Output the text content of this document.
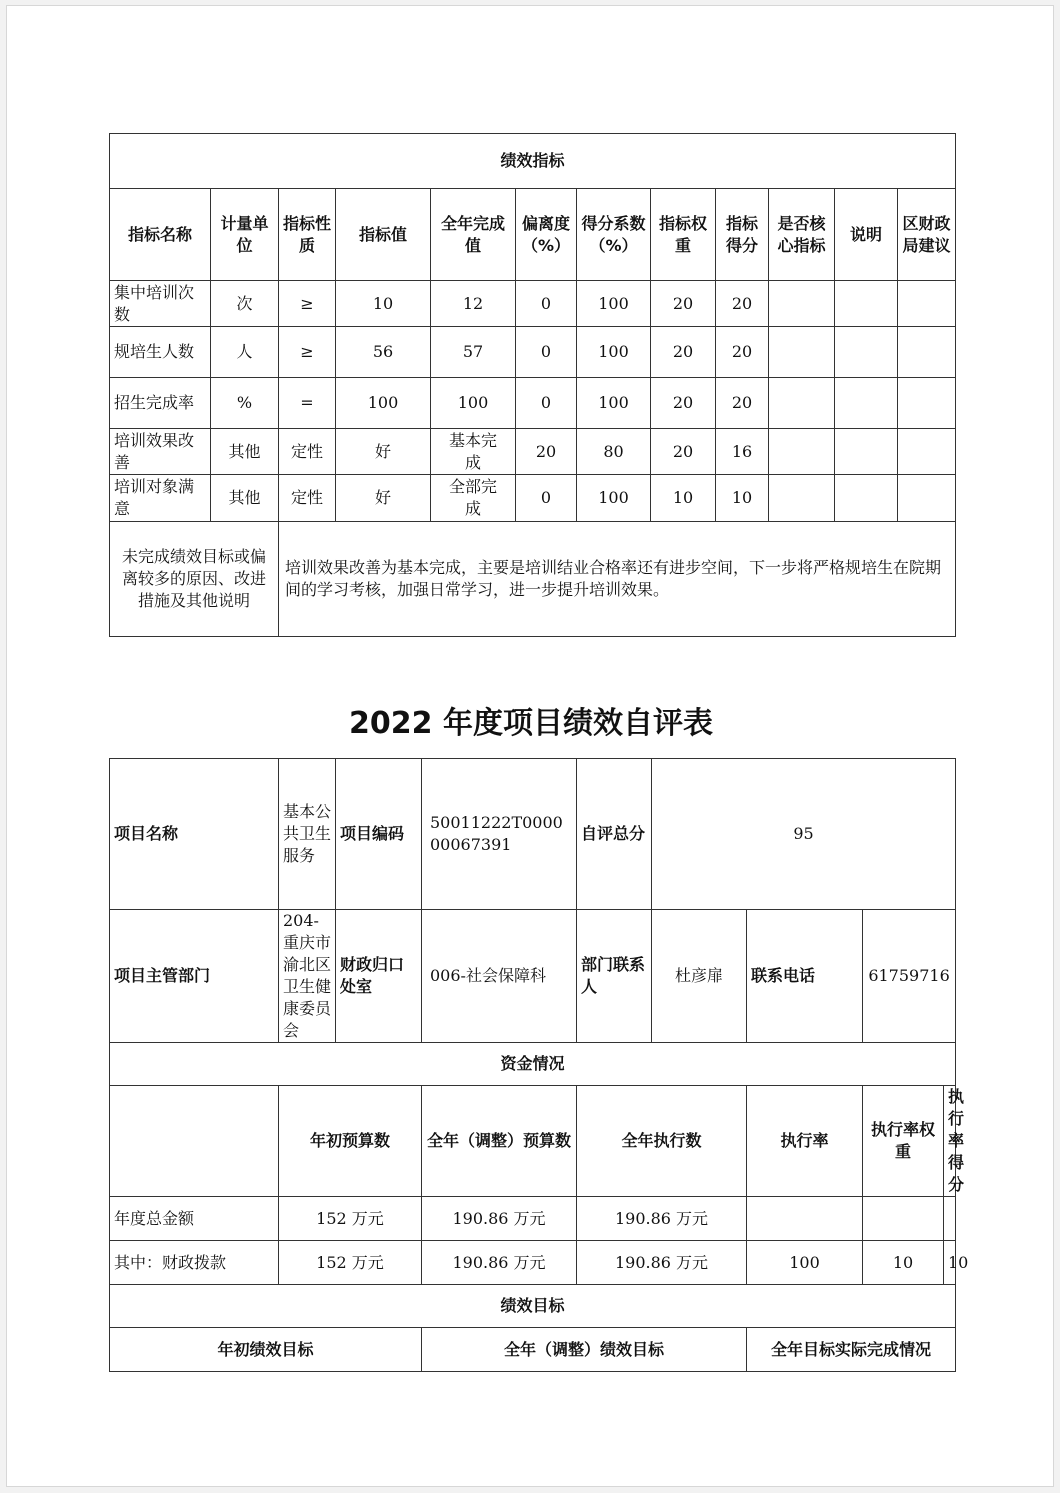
绩效指标											
指标名称	计量单位	指标性质	指标值	全年完成值	偏离度（%）	得分系数（%）	指标权重	指标得分	是否核心指标	说明	区财政局建议
集中培训次数	次	≥	10	12	0	100	20	20			
规培生人数	人	≥	56	57	0	100	20	20			
招生完成率	%	=	100	100	0	100	20	20			
培训效果改善	其他	定性	好	基本完成	20	80	20	16			
培训对象满意	其他	定性	好	全部完成	0	100	10	10			
未完成绩效目标或偏离较多的原因、改进措施及其他说明		培训效果改善为基本完成，主要是培训结业合格率还有进步空间，下一步将严格规培生在院期间的学习考核，加强日常学习，进一步提升培训效果。									
2022 年度项目绩效自评表
项目名称	基本公共卫生服务	项目编码	50011222T000000067391	自评总分	95			
项目主管部门	204-重庆市渝北区卫生健康委员会	财政归口处室	006-社会保障科	部门联系人	杜彦扉	联系电话	61759716	
资金情况								
	年初预算数		全年（调整）预算数	全年执行数		执行率	执行率权重	执行率得分
年度总金额	152 万元		190.86 万元	190.86 万元				
其中：财政拨款	152 万元		190.86 万元	190.86 万元		100	10	10
绩效目标								
年初绩效目标			全年（调整）绩效目标			全年目标实际完成情况		
